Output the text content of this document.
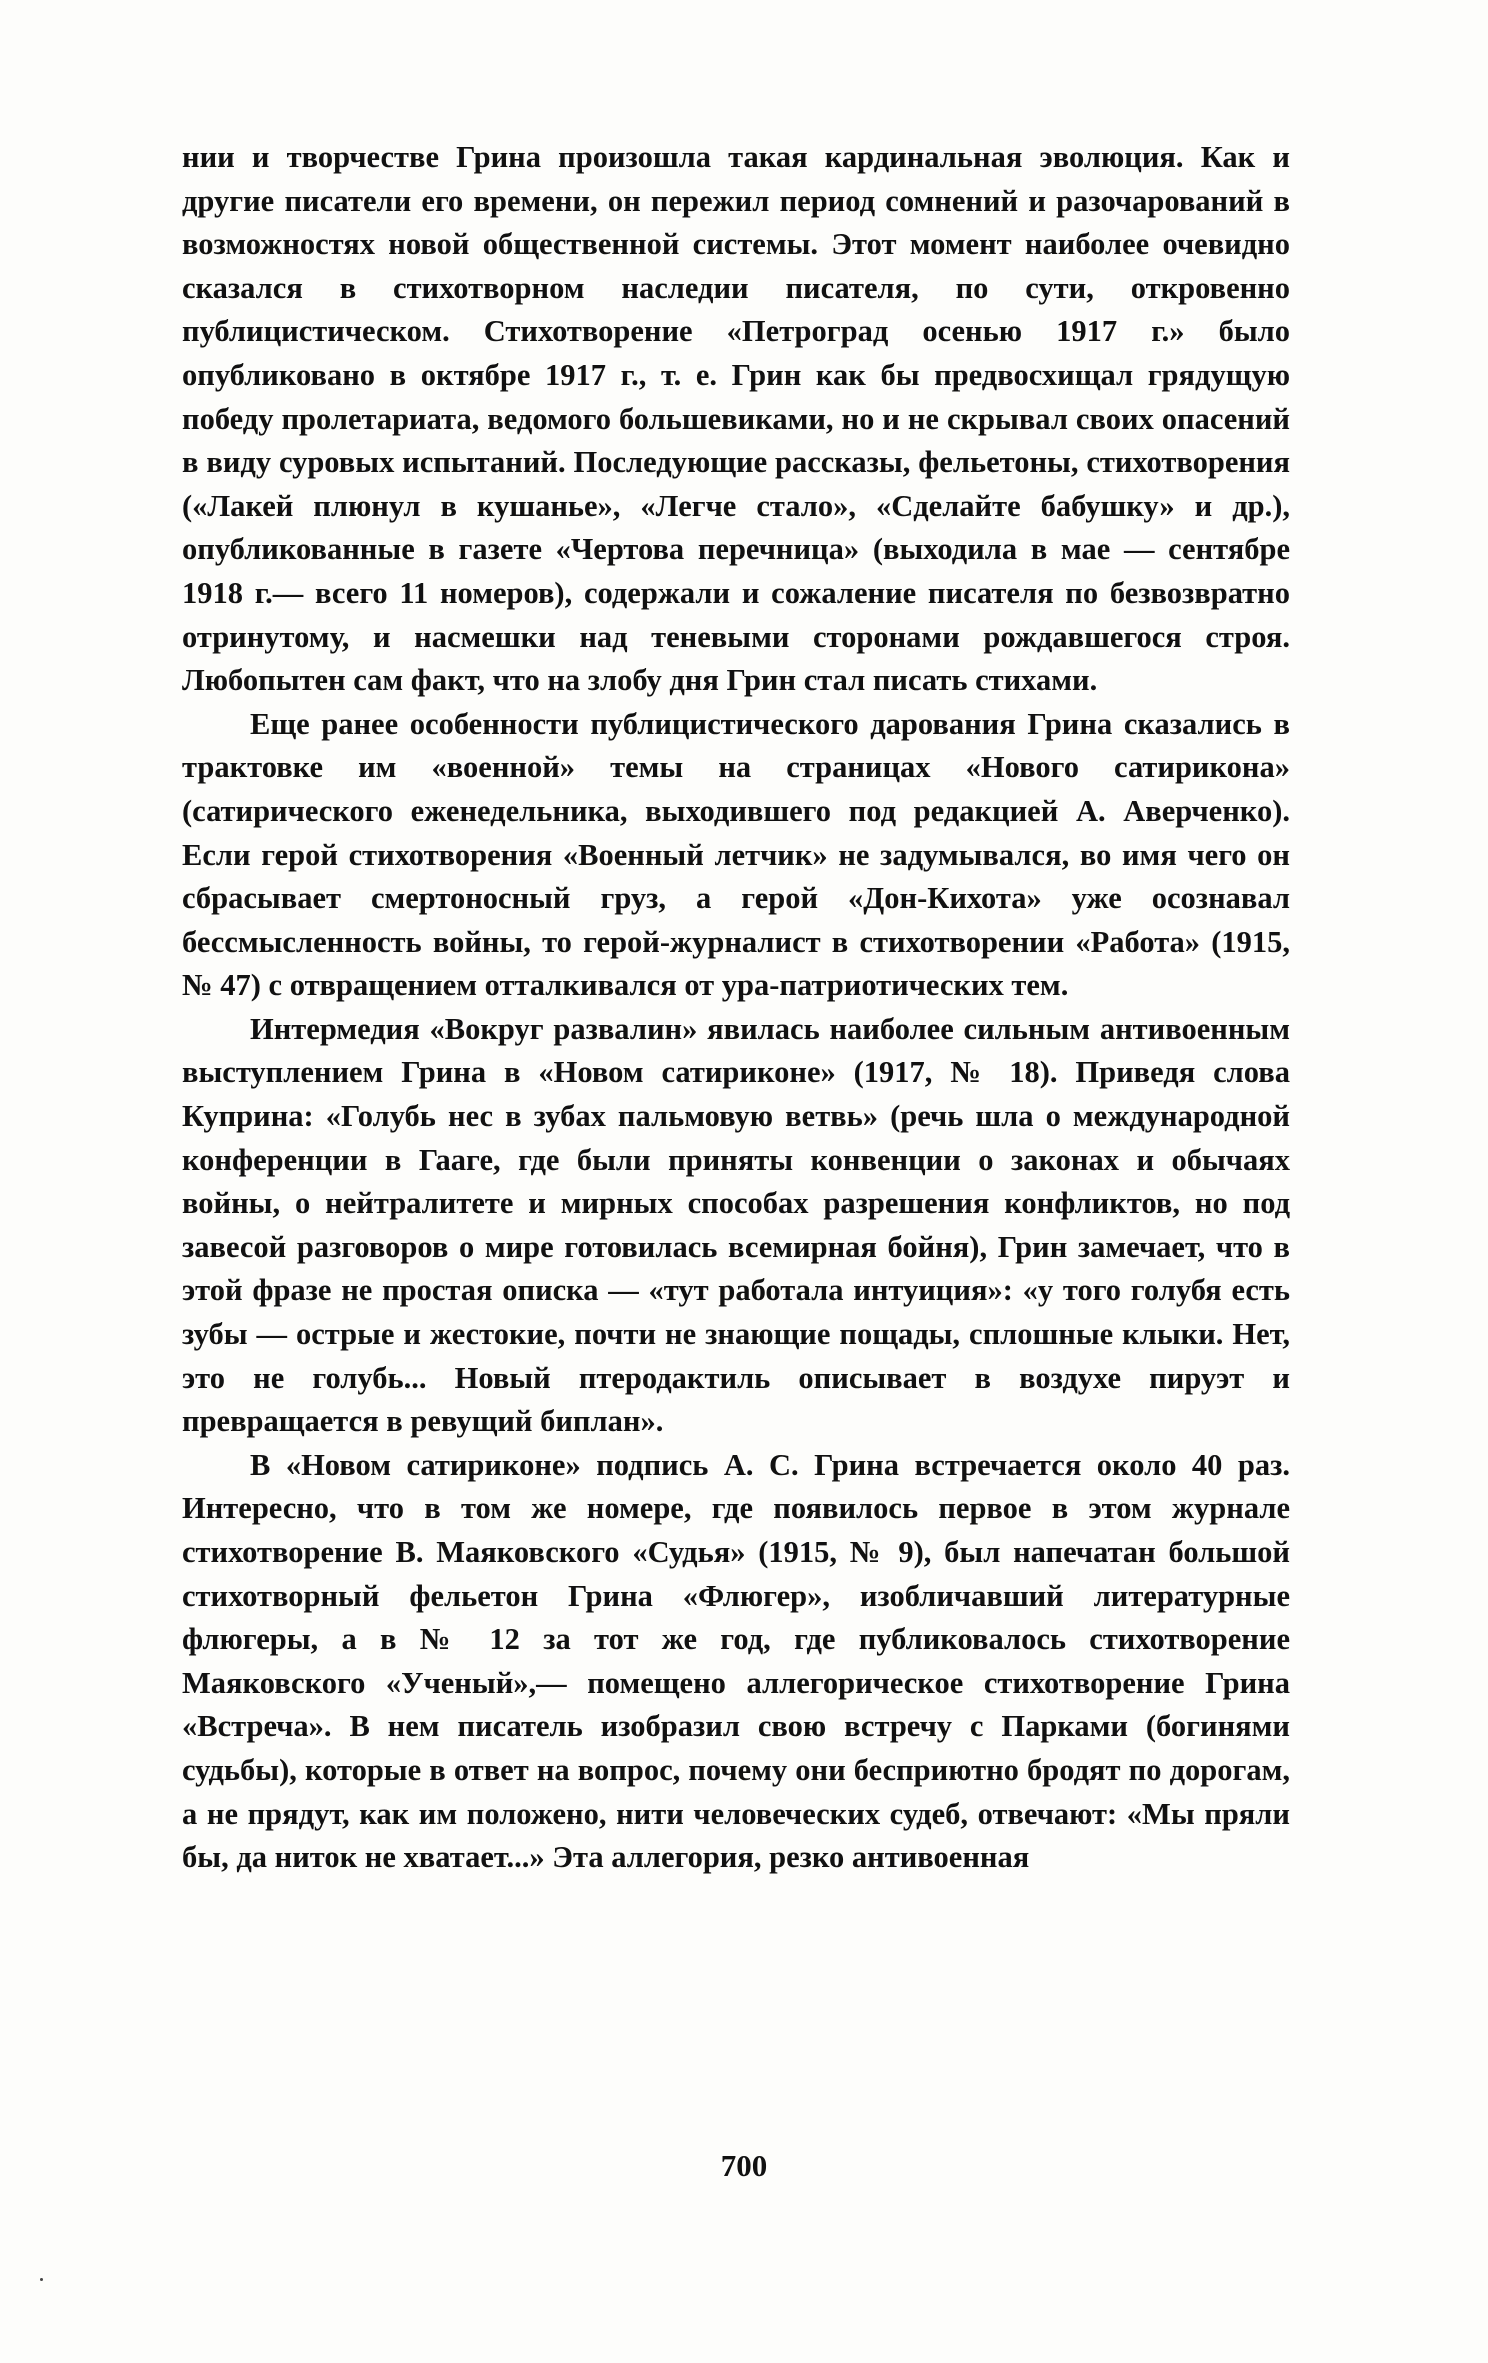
нии и творчестве Грина произошла такая кардинальная эволюция. Как и другие писатели его времени, он пережил период сомнений и разочарований в возможностях новой общественной системы. Этот момент наиболее очевидно сказался в стихотворном наследии писателя, по сути, откровенно публицистическом. Стихотворение «Петроград осенью 1917 г.» было опубликовано в октябре 1917 г., т. е. Грин как бы предвосхищал грядущую победу пролетариата, ведомого большевиками, но и не скрывал своих опасений в виду суровых испытаний. Последующие рассказы, фельетоны, стихотворения («Лакей плюнул в кушанье», «Легче стало», «Сделайте бабушку» и др.), опубликованные в газете «Чертова перечница» (выходила в мае — сентябре 1918 г.— всего 11 номеров), содержали и сожаление писателя по безвозвратно отринутому, и насмешки над теневыми сторонами рождавшегося строя. Любопытен сам факт, что на злобу дня Грин стал писать стихами.

Еще ранее особенности публицистического дарования Грина сказались в трактовке им «военной» темы на страницах «Нового сатирикона» (сатирического еженедельника, выходившего под редакцией А. Аверченко). Если герой стихотворения «Военный летчик» не задумывался, во имя чего он сбрасывает смертоносный груз, а герой «Дон-Кихота» уже осознавал бессмысленность войны, то герой-журналист в стихотворении «Работа» (1915, № 47) с отвращением отталкивался от ура-патриотических тем.

Интермедия «Вокруг развалин» явилась наиболее сильным антивоенным выступлением Грина в «Новом сатириконе» (1917, № 18). Приведя слова Куприна: «Голубь нес в зубах пальмовую ветвь» (речь шла о международной конференции в Гааге, где были приняты конвенции о законах и обычаях войны, о нейтралитете и мирных способах разрешения конфликтов, но под завесой разговоров о мире готовилась всемирная бойня), Грин замечает, что в этой фразе не простая описка — «тут работала интуиция»: «у того голубя есть зубы — острые и жестокие, почти не знающие пощады, сплошные клыки. Нет, это не голубь... Новый птеродактиль описывает в воздухе пируэт и превращается в ревущий биплан».

В «Новом сатириконе» подпись А. С. Грина встречается около 40 раз. Интересно, что в том же номере, где появилось первое в этом журнале стихотворение В. Маяковского «Судья» (1915, № 9), был напечатан большой стихотворный фельетон Грина «Флюгер», изобличавший литературные флюгеры, а в № 12 за тот же год, где публиковалось стихотворение Маяковского «Ученый»,— помещено аллегорическое стихотворение Грина «Встреча». В нем писатель изобразил свою встречу с Парками (богинями судьбы), которые в ответ на вопрос, почему они бесприютно бродят по дорогам, а не прядут, как им положено, нити человеческих судеб, отвечают: «Мы пряли бы, да ниток не хватает...» Эта аллегория, резко антивоенная

700
